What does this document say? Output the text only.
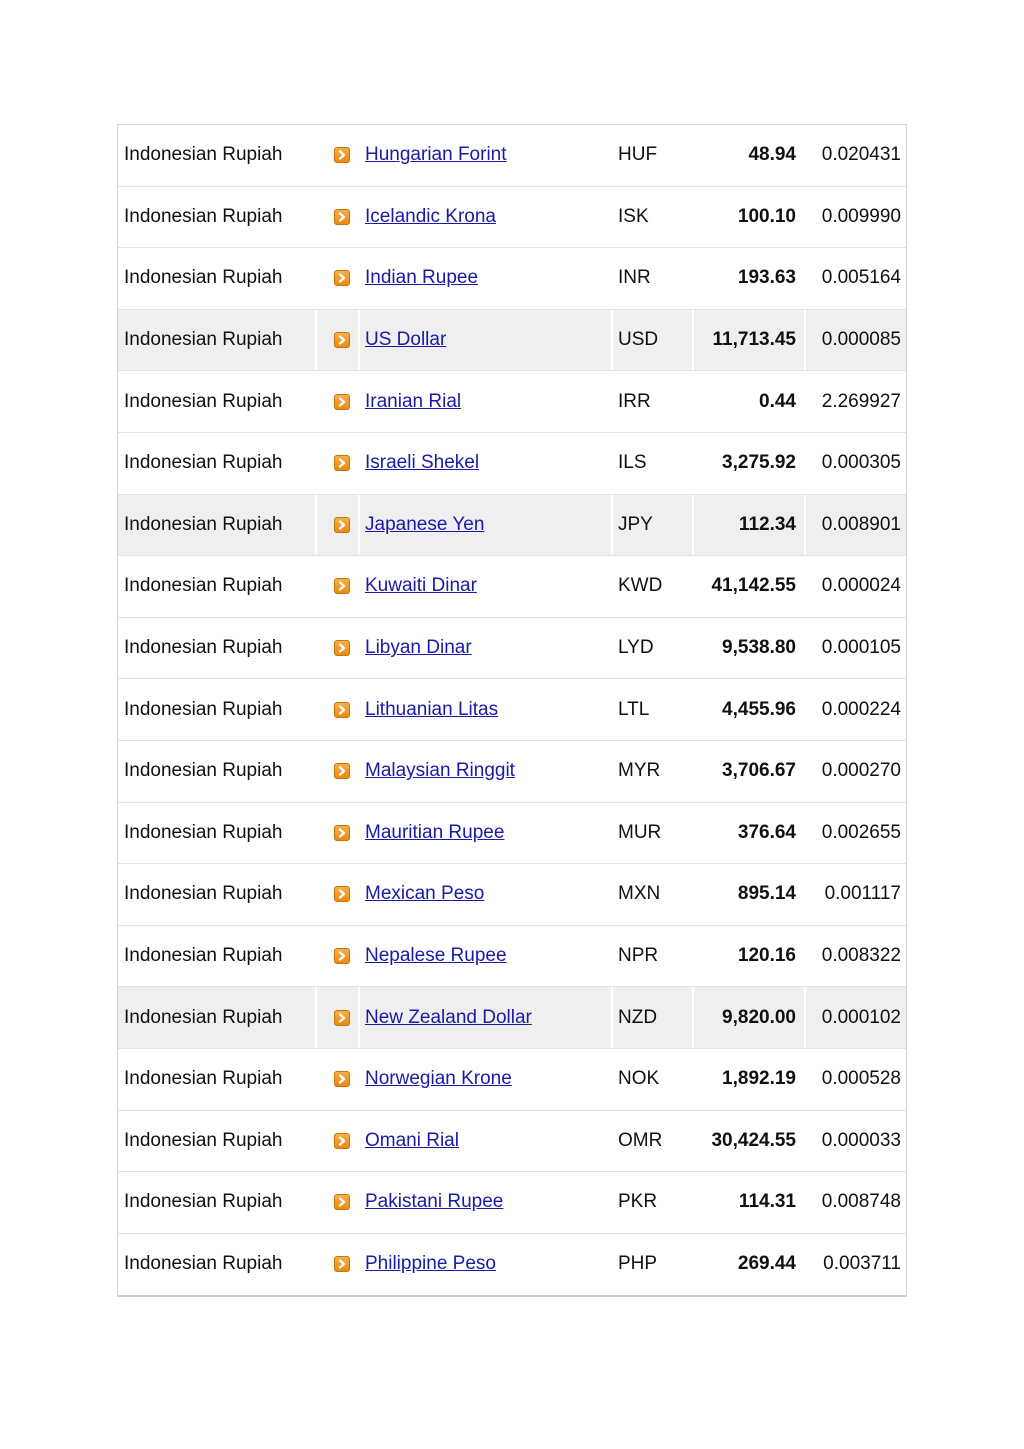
Indonesian Rupiah	Hungarian Forint	HUF	48.94 0.020431
Indonesian Rupiah	Icelandic Krona	ISK	100.10 0.009990
Indonesian Rupiah	Indian Rupee	INR	193.63 0.005164
Indonesian Rupiah	US Dollar	USD	11,713.45 0.000085
Indonesian Rupiah	Iranian Rial	IRR	0.44 2.269927
Indonesian Rupiah	Israeli Shekel	ILS	3,275.92 0.000305
Indonesian Rupiah	Japanese Yen	JPY	112.34 0.008901
Indonesian Rupiah	Kuwaiti Dinar	KWD	41,142.55 0.000024
Indonesian Rupiah	Libyan Dinar	LYD	9,538.80 0.000105
Indonesian Rupiah	Lithuanian Litas	LTL	4,455.96 0.000224
Indonesian Rupiah	Malaysian Ringgit	MYR	3,706.67 0.000270
Indonesian Rupiah	Mauritian Rupee	MUR	376.64 0.002655
Indonesian Rupiah	Mexican Peso	MXN	895.14	0.001117
Indonesian Rupiah	Nepalese Rupee	NPR	120.16 0.008322
Indonesian Rupiah	New Zealand Dollar	NZD	9,820.00 0.000102
Indonesian Rupiah	Norwegian Krone	NOK	1,892.19 0.000528
Indonesian Rupiah	Omani Rial	OMR	30,424.55 0.000033
Indonesian Rupiah	Pakistani Rupee	PKR	114.31 0.008748
Indonesian Rupiah	Philippine Peso	PHP	269.44 0.003711
